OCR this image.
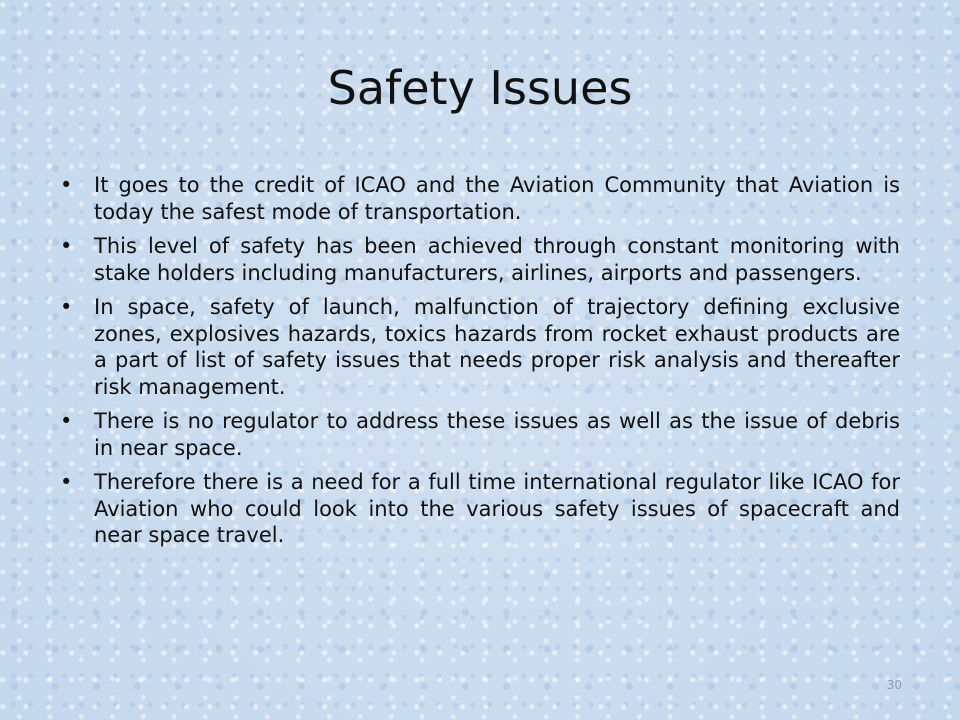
Safety Issues
• It goes to the credit of ICAO and the Aviation Community that Aviation is today the safest mode of transportation.
• This level of safety has been achieved through constant monitoring with stake holders including manufacturers, airlines, airports and passengers.
• In space, safety of launch, malfunction of trajectory defining exclusive zones, explosives hazards, toxics hazards from rocket exhaust products are a part of list of safety issues that needs proper risk analysis and thereafter risk management.
• There is no regulator to address these issues as well as the issue of debris in near space.
• Therefore there is a need for a full time international regulator like ICAO for Aviation who could look into the various safety issues of spacecraft and near space travel.
30
